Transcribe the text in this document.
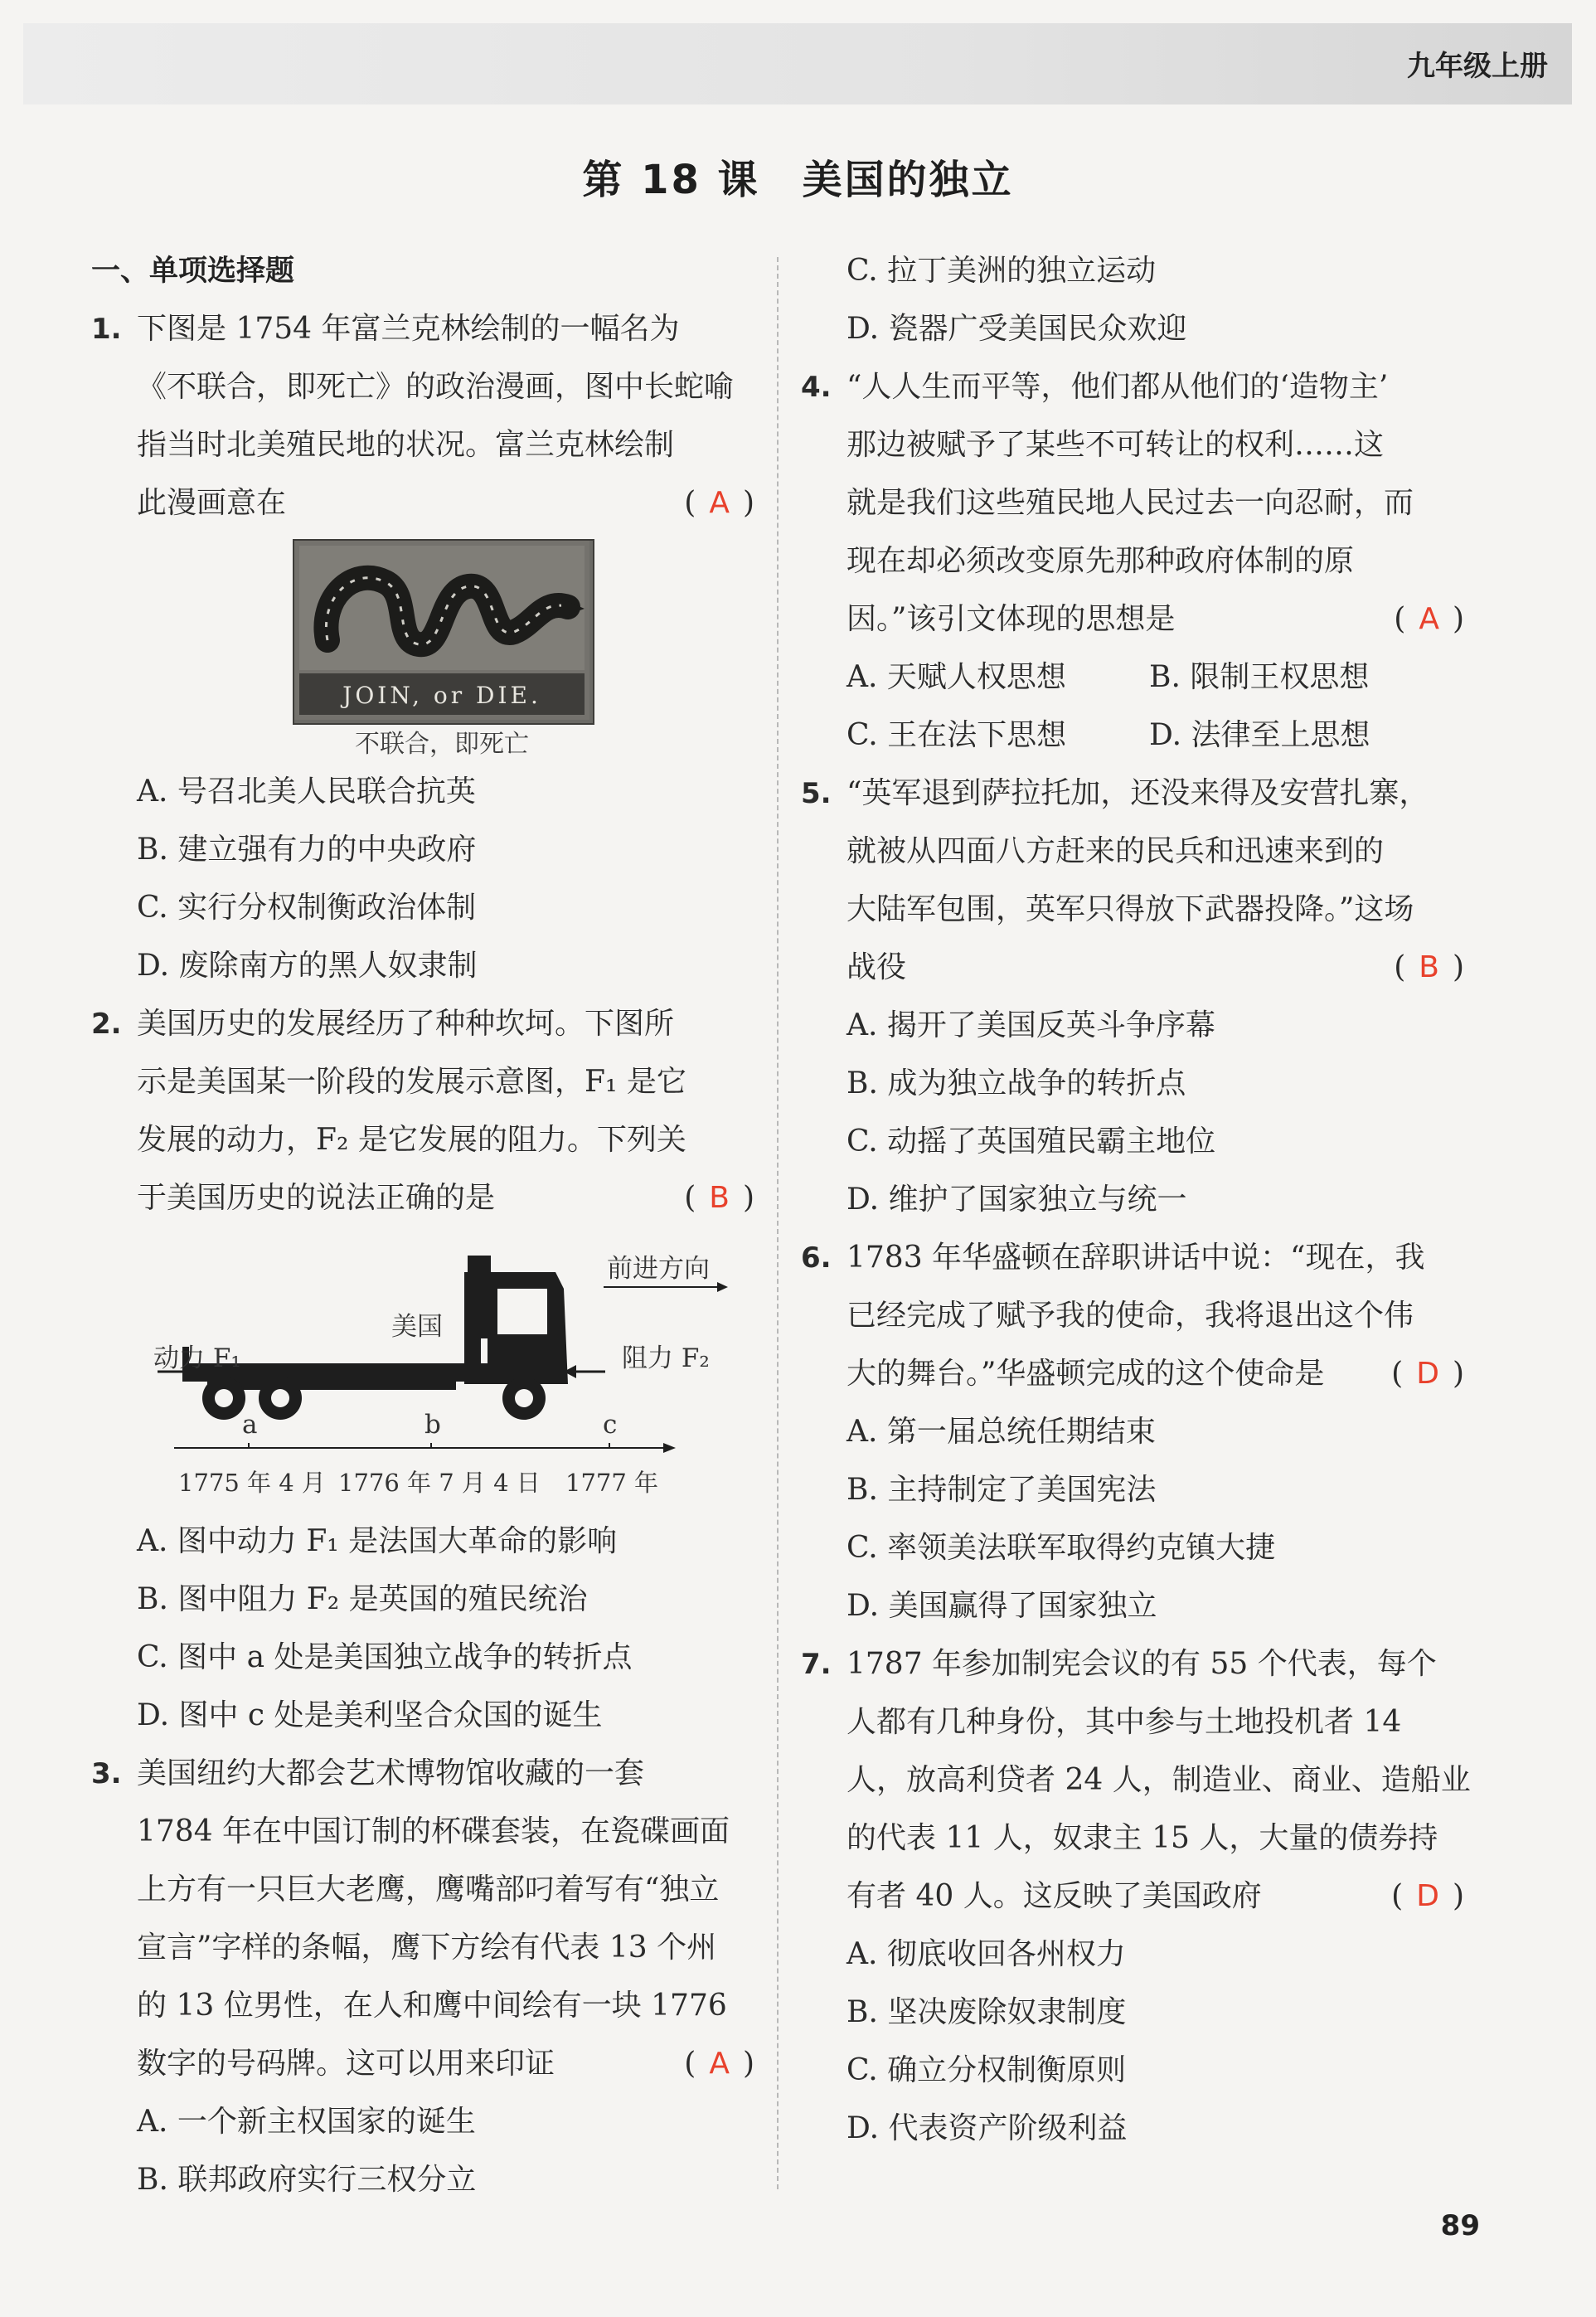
九年级上册
第 18 课　美国的独立
一、单项选择题
1. 下图是 1754 年富兰克林绘制的一幅名为
《不联合，即死亡》的政治漫画，图中长蛇喻
指当时北美殖民地的状况。富兰克林绘制
此漫画意在	( A )
JOIN, or DIE.
不联合，即死亡
A. 号召北美人民联合抗英
B. 建立强有力的中央政府
C. 实行分权制衡政治体制
D. 废除南方的黑人奴隶制
2. 美国历史的发展经历了种种坎坷。下图所
示是美国某一阶段的发展示意图，F₁ 是它
发展的动力，F₂ 是它发展的阻力。下列关
于美国历史的说法正确的是	( B )
前进方向
美国
动力 F₁	阻力 F₂
a	b	c
1775 年 4 月 1776 年 7 月 4 日 1777 年
A. 图中动力 F₁ 是法国大革命的影响
B. 图中阻力 F₂ 是英国的殖民统治
C. 图中 a 处是美国独立战争的转折点
D. 图中 c 处是美利坚合众国的诞生
3. 美国纽约大都会艺术博物馆收藏的一套
1784 年在中国订制的杯碟套装，在瓷碟画面
上方有一只巨大老鹰，鹰嘴部叼着写有“独立
宣言”字样的条幅，鹰下方绘有代表 13 个州
的 13 位男性，在人和鹰中间绘有一块 1776
数字的号码牌。这可以用来印证	( A )
A. 一个新主权国家的诞生
B. 联邦政府实行三权分立
C. 拉丁美洲的独立运动
D. 瓷器广受美国民众欢迎
4. “人人生而平等，他们都从他们的‘造物主’
那边被赋予了某些不可转让的权利……这
就是我们这些殖民地人民过去一向忍耐，而
现在却必须改变原先那种政府体制的原
因。”该引文体现的思想是	( A )
A. 天赋人权思想	B. 限制王权思想
C. 王在法下思想	D. 法律至上思想
5. “英军退到萨拉托加，还没来得及安营扎寨，
就被从四面八方赶来的民兵和迅速来到的
大陆军包围，英军只得放下武器投降。”这场
战役	( B )
A. 揭开了美国反英斗争序幕
B. 成为独立战争的转折点
C. 动摇了英国殖民霸主地位
D. 维护了国家独立与统一
6. 1783 年华盛顿在辞职讲话中说：“现在，我
已经完成了赋予我的使命，我将退出这个伟
大的舞台。”华盛顿完成的这个使命是 ( D )
A. 第一届总统任期结束
B. 主持制定了美国宪法
C. 率领美法联军取得约克镇大捷
D. 美国赢得了国家独立
7. 1787 年参加制宪会议的有 55 个代表，每个
人都有几种身份，其中参与土地投机者 14
人，放高利贷者 24 人，制造业、商业、造船业
的代表 11 人，奴隶主 15 人，大量的债券持
有者 40 人。这反映了美国政府	( D )
A. 彻底收回各州权力
B. 坚决废除奴隶制度
C. 确立分权制衡原则
D. 代表资产阶级利益
89
